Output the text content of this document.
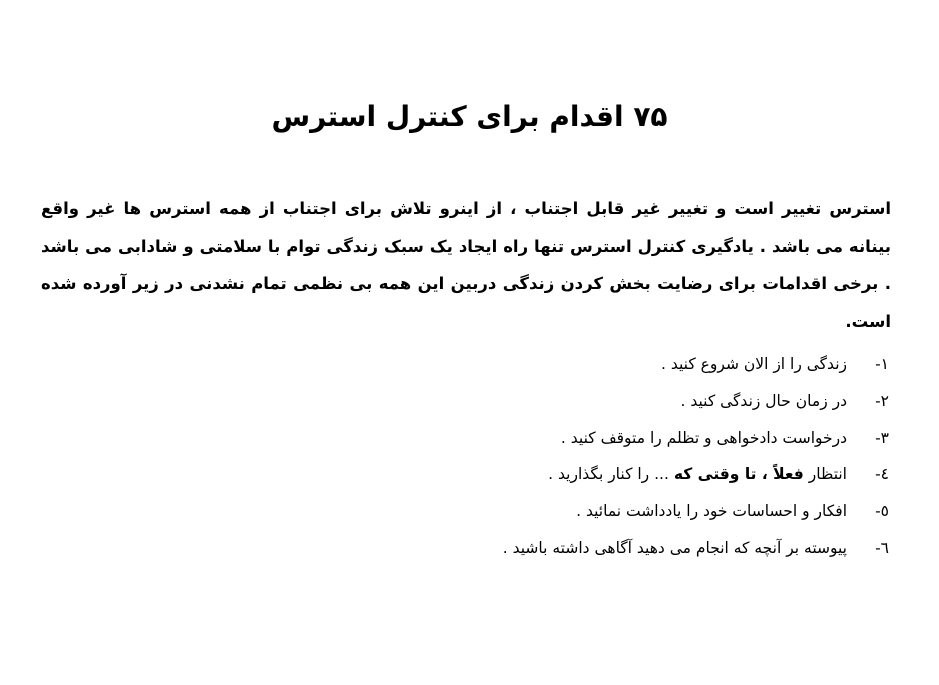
۷۵ اقدام برای کنترل استرس

استرس تغییر است و تغییر غیر قابل اجتناب ، از اینرو تلاش برای اجتناب از همه استرس ها غیر واقع بینانه می باشد . یادگیری کنترل استرس تنها راه ایجاد یک سبک زندگی توام با سلامتی و شادابی می باشد . برخی اقدامات برای رضایت بخش کردن زندگی دربین این همه بی نظمی تمام نشدنی در زیر آورده شده است.

۱-
زندگی را از الان شروع کنید .
۲-
در زمان حال زندگی کنید .
۳-
درخواست دادخواهی و تظلم را متوقف کنید .
٤-
انتظار فعلاً ، تا وقتی که ... را کنار بگذارید .
٥-
افکار و احساسات خود را یادداشت نمائید .
٦-
پیوسته بر آنچه که انجام می دهید آگاهی داشته باشید .
